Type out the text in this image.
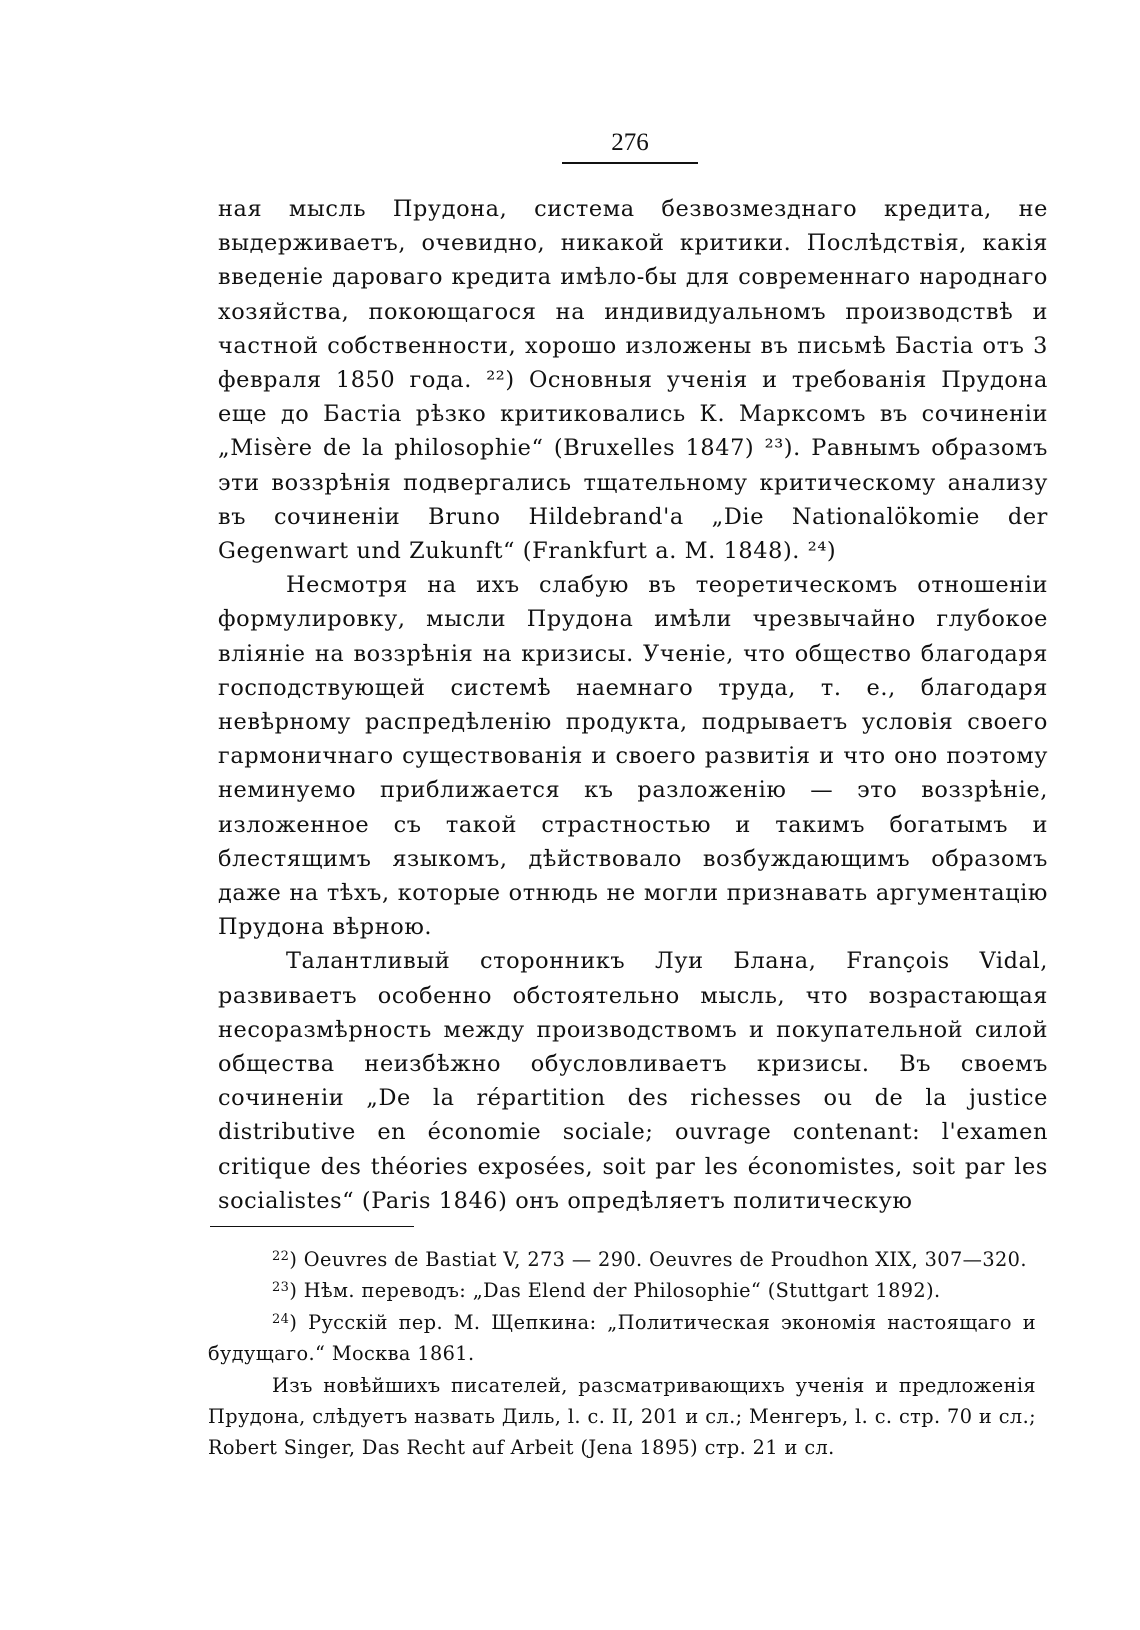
276

ная мысль Прудона, система безвозмезднаго кредита, не выдерживаетъ, очевидно, никакой критики. Послѣдствія, какія введеніе дароваго кредита имѣло-бы для современнаго народнаго хозяйства, покоющагося на индивидуальномъ производствѣ и частной собственности, хорошо изложены въ письмѣ Бастіа отъ 3 февраля 1850 года. ²²) Основныя ученія и требованія Прудона еще до Бастіа рѣзко критиковались К. Марксомъ въ сочиненіи „Misère de la philosophie“ (Bruxelles 1847) ²³). Равнымъ образомъ эти воззрѣнія подвергались тщательному критическому анализу въ сочиненіи Bruno Hildebrand'a „Die Nationalökomie der Gegenwart und Zukunft“ (Frankfurt a. M. 1848). ²⁴)

Несмотря на ихъ слабую въ теоретическомъ отношеніи формулировку, мысли Прудона имѣли чрезвычайно глубокое вліяніе на воззрѣнія на кризисы. Ученіе, что общество благодаря господствующей системѣ наемнаго труда, т. е., благодаря невѣрному распредѣленію продукта, подрываетъ условія своего гармоничнаго существованія и своего развитія и что оно поэтому неминуемо приближается къ разложенію — это воззрѣніе, изложенное съ такой страстностью и такимъ богатымъ и блестящимъ языкомъ, дѣйствовало возбуждающимъ образомъ даже на тѣхъ, которые отнюдь не могли признавать аргументацію Прудона вѣрною.

Талантливый сторонникъ Луи Блана, François Vidal, развиваетъ особенно обстоятельно мысль, что возрастающая несоразмѣрность между производствомъ и покупательной силой общества неизбѣжно обусловливаетъ кризисы. Въ своемъ сочиненіи „De la répartition des richesses ou de la justice distributive en économie sociale; ouvrage contenant: l'examen critique des théories exposées, soit par les économistes, soit par les socialistes“ (Paris 1846) онъ опредѣляетъ политическую

$^{22}$) Oeuvres de Bastiat V, 273 — 290. Oeuvres de Proudhon XIX, 307—320.

$^{23}$) Нѣм. переводъ: „Das Elend der Philosophie“ (Stuttgart 1892).

$^{24}$) Русскій пер. М. Щепкина: „Политическая экономія настоящаго и будущаго.“ Москва 1861.

Изъ новѣйшихъ писателей, разсматривающихъ ученія и предложенія Прудона, слѣдуетъ назвать Диль, l. c. II, 201 и сл.; Менгеръ, l. c. стр. 70 и сл.; Robert Singer, Das Recht auf Arbeit (Jena 1895) стр. 21 и сл.
